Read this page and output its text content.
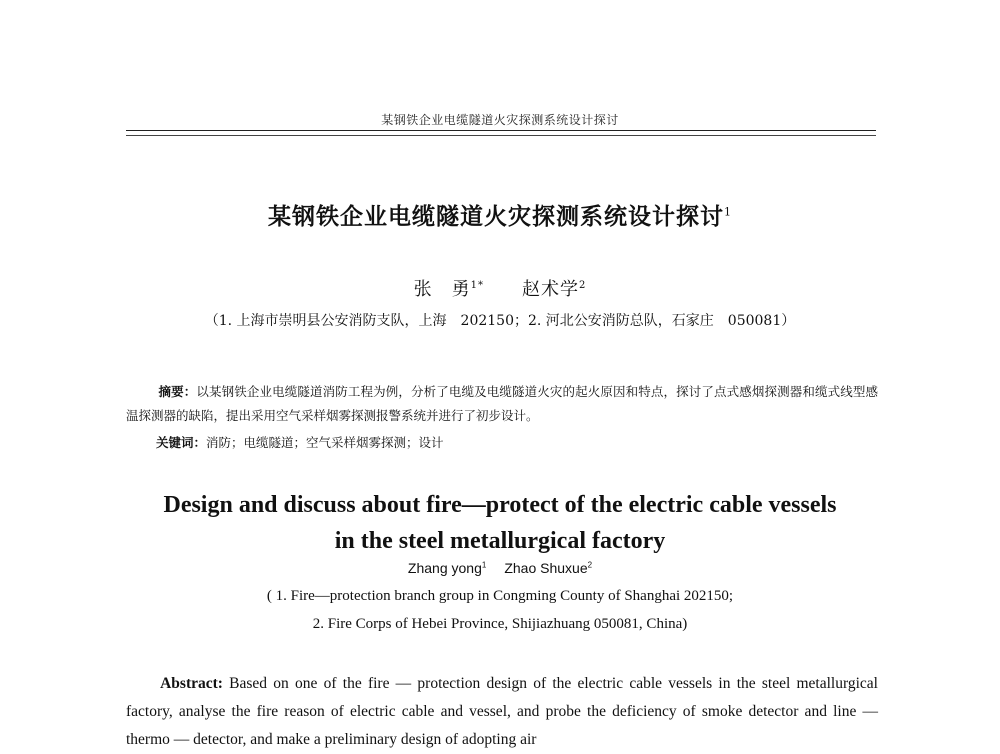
某钢铁企业电缆隧道火灾探测系统设计探讨
某钢铁企业电缆隧道火灾探测系统设计探讨$^1$
张　勇$^{1*}$ 赵术学$^2$
（1. 上海市崇明县公安消防支队，上海　202150；2. 河北公安消防总队，石家庄　050081）
摘要：以某钢铁企业电缆隧道消防工程为例，分析了电缆及电缆隧道火灾的起火原因和特点，探讨了点式感烟探测器和缆式线型感温探测器的缺陷，提出采用空气采样烟雾探测报警系统并进行了初步设计。
关键词：消防；电缆隧道；空气采样烟雾探测；设计
Design and discuss about fire—protect of the electric cable vessels
in the steel metallurgical factory
Zhang yong$^1$ Zhao Shuxue$^2$
( 1. Fire—protection branch group in Congming County of Shanghai 202150;
2. Fire Corps of Hebei Province, Shijiazhuang 050081, China)
Abstract: Based on one of the fire — protection design of the electric cable vessels in the steel metallurgical factory, analyse the fire reason of electric cable and vessel, and probe the deficiency of smoke detector and line — thermo — detector, and make a preliminary design of adopting air
